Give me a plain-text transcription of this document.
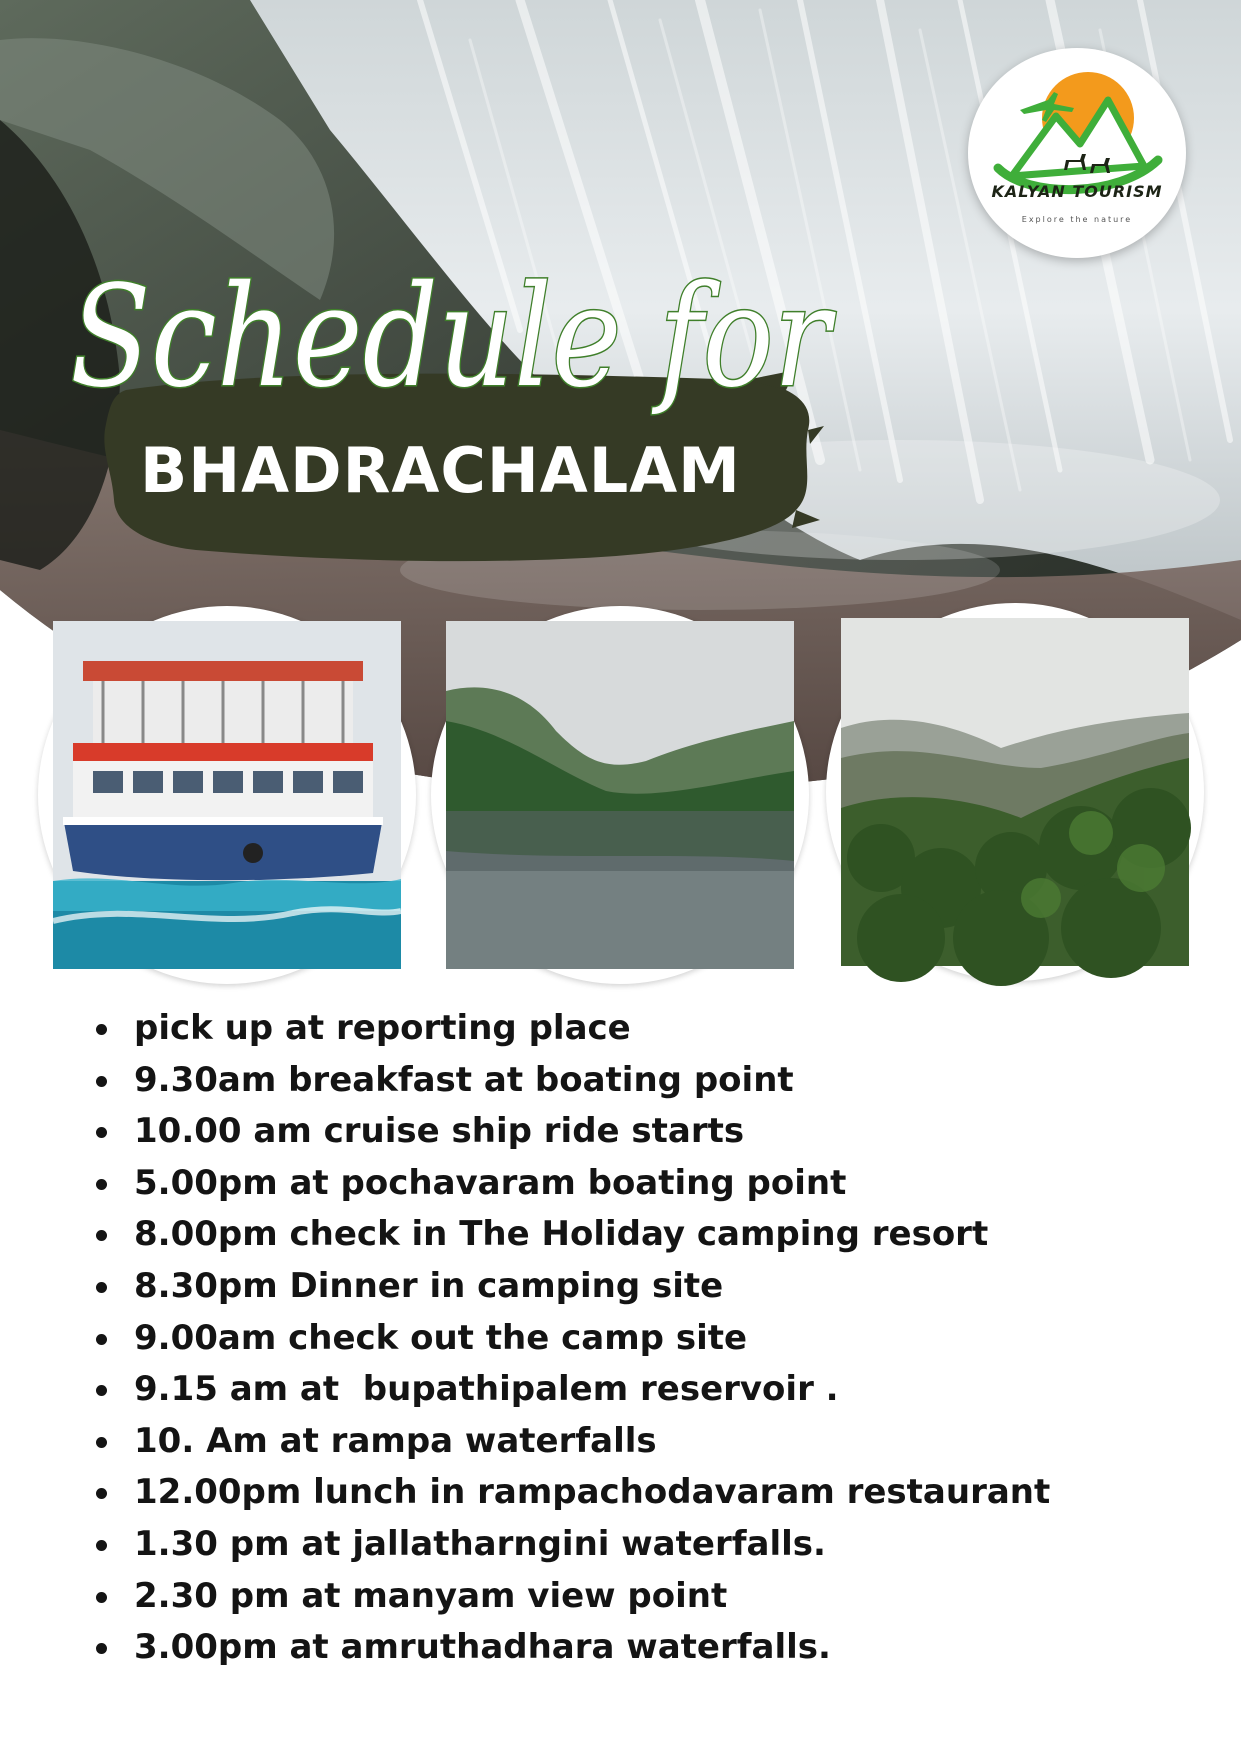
KALYAN TOURISM
Explore the nature
Schedule for
BHADRACHALAM
pick up at reporting place
9.30am breakfast at boating point
10.00 am cruise ship ride starts
5.00pm at pochavaram boating point
8.00pm check in The Holiday camping resort
8.30pm Dinner in camping site
9.00am check out the camp site
9.15 am at  bupathipalem reservoir .
10. Am at rampa waterfalls
12.00pm lunch in rampachodavaram restaurant
1.30 pm at jallatharngini waterfalls.
2.30 pm at manyam view point
3.00pm at amruthadhara waterfalls.
